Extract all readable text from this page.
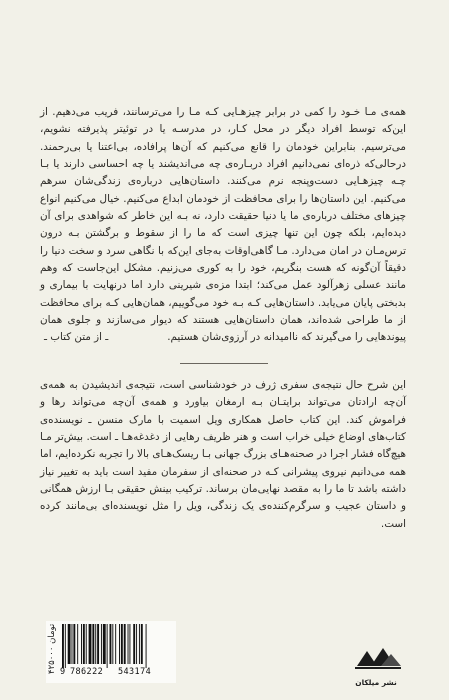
همه‌ی مـا خـود را کمی در برابر چیزهـایی کـه مـا را می‌ترسانند، فریب می‌دهیم. از این‌که توسط افراد دیگر در محل کـار، در مدرسـه یا در توئیتر پذیرفته نشویم، می‌ترسیم. بنابراین خودمان را قانع می‌کنیم که آن‌ها پرافاده، بی‌اعتنا یا بی‌رحمند. درحالی‌که ذره‌ای نمی‌دانیم افراد دربـاره‌ی چه می‌اندیشند یا چه احساسی دارند یا بـا چـه چیزهـایی دست‌وپنجه نرم می‌کنند. داستان‌هایی درباره‌ی زندگی‌شان سرهم می‌کنیم. این داستان‌ها را برای محافظت از خودمان ابداع می‌کنیم. خیال می‌کنیم انواع چیزهای مختلف درباره‌ی ما یا دنیا حقیقت دارد، نه بـه این خاطر که شواهدی برای آن دیده‌ایم، بلکه چون این تنها چیزی است که ما را از سقوط و برگشتن بـه درون ترس‌مـان در امان می‌دارد. مـا گاهی‌اوقات به‌جای این‌که با نگاهی سرد و سخت دنیا را دقیقاً آن‌گونه که هست بنگریم، خود را به کوری می‌زنیم. مشکل این‌جاست که وهم مانند عسلی زهرآلود عمل می‌کند؛ ابتدا مزه‌ی شیرینی دارد اما درنهایت با بیماری و بدبختی پایان می‌یابد. داستان‌هایی کـه بـه خود می‌گوییم، همان‌هایی کـه برای محافظت از ما طراحی شده‌اند، همان داستان‌هایی هستند که دیوار می‌سازند و جلوی همان پیوندهایی را می‌گیرند که ناامیدانه در آرزوی‌شان هستیم.

ـ از متن کتاب ـ

این شرح حال نتیجه‌ی سفری ژرف در خودشناسی است، نتیجه‌ی اندیشیدن به همه‌ی آن‌چه ارادتان می‌تواند برایتـان بـه ارمغان بیاورد و همه‌ی آن‌چه می‌تواند رها و فراموش کند. این کتاب حاصل همکاری ویل اسمیت با مارک منسن ـ نویسنده‌ی کتاب‌های اوضاع خیلی خراب است و هنر ظریف رهایی از دغدغه‌هـا ـ است. بیش‌تر مـا هیچ‌گاه فشار اجرا در صحنه‌هـای بزرگ جهانی بـا ریسک‌هـای بالا را تجربه نکرده‌ایم، اما همه می‌دانیم نیروی پیشرانی کـه در صحنه‌ای از سفرمان مفید است باید به تغییر نیاز داشته باشد تا ما را به مقصد نهایی‌مان برساند. ترکیب بینش حقیقی بـا ارزش همگانی و داستان عجیب و سرگرم‌کننده‌ی یک زندگی، ویل را مثل نویسنده‌ای بی‌مانند کرده است.

۴۲۵۰۰۰ تومان
9 786222 543174
نشر میلکان
